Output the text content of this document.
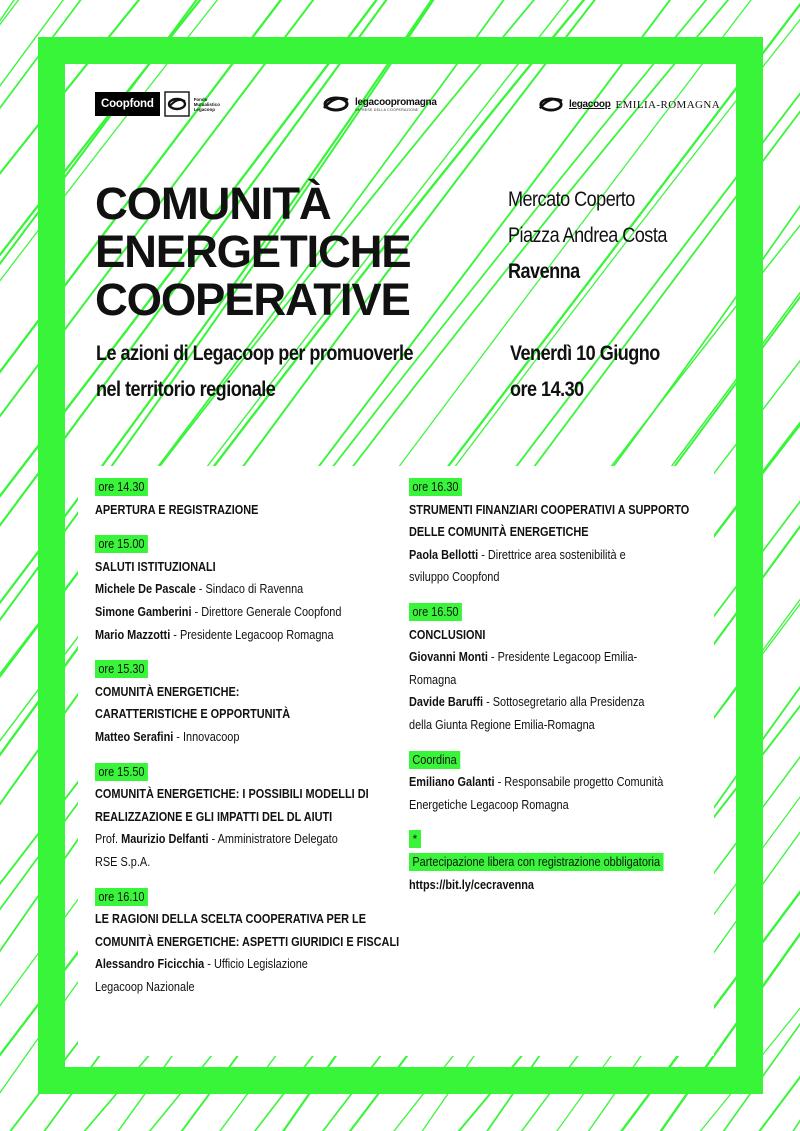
Coopfond	Fondo Mutualistico Legacoop
legacoopromagna
IMPRESE DELLA COOPERAZIONE	legacoop EMILIA-ROMAGNA
COMUNITÀ
ENERGETICHE
COOPERATIVE
Le azioni di Legacoop per promuoverle
nel territorio regionale
Mercato Coperto
Piazza Andrea Costa
Ravenna
Venerdì 10 Giugno
ore 14.30
ore 14.30
APERTURA E REGISTRAZIONE
ore 15.00
SALUTI ISTITUZIONALI
Michele De Pascale - Sindaco di Ravenna
Simone Gamberini - Direttore Generale Coopfond
Mario Mazzotti - Presidente Legacoop Romagna
ore 15.30
COMUNITÀ ENERGETICHE:
CARATTERISTICHE E OPPORTUNITÀ
Matteo Serafini - Innovacoop
ore 15.50
COMUNITÀ ENERGETICHE: I POSSIBILI MODELLI DI
REALIZZAZIONE E GLI IMPATTI DEL DL AIUTI
Prof. Maurizio Delfanti - Amministratore Delegato
RSE S.p.A.
ore 16.10
LE RAGIONI DELLA SCELTA COOPERATIVA PER LE
COMUNITÀ ENERGETICHE: ASPETTI GIURIDICI E FISCALI
Alessandro Ficicchia - Ufficio Legislazione
Legacoop Nazionale
ore 16.30
STRUMENTI FINANZIARI COOPERATIVI A SUPPORTO
DELLE COMUNITÀ ENERGETICHE
Paola Bellotti - Direttrice area sostenibilità e
sviluppo Coopfond
ore 16.50
CONCLUSIONI
Giovanni Monti - Presidente Legacoop Emilia-
Romagna
Davide Baruffi - Sottosegretario alla Presidenza
della Giunta Regione Emilia-Romagna
Coordina
Emiliano Galanti - Responsabile progetto Comunità
Energetiche Legacoop Romagna
*
Partecipazione libera con registrazione obbligatoria
https://bit.ly/cecravenna
